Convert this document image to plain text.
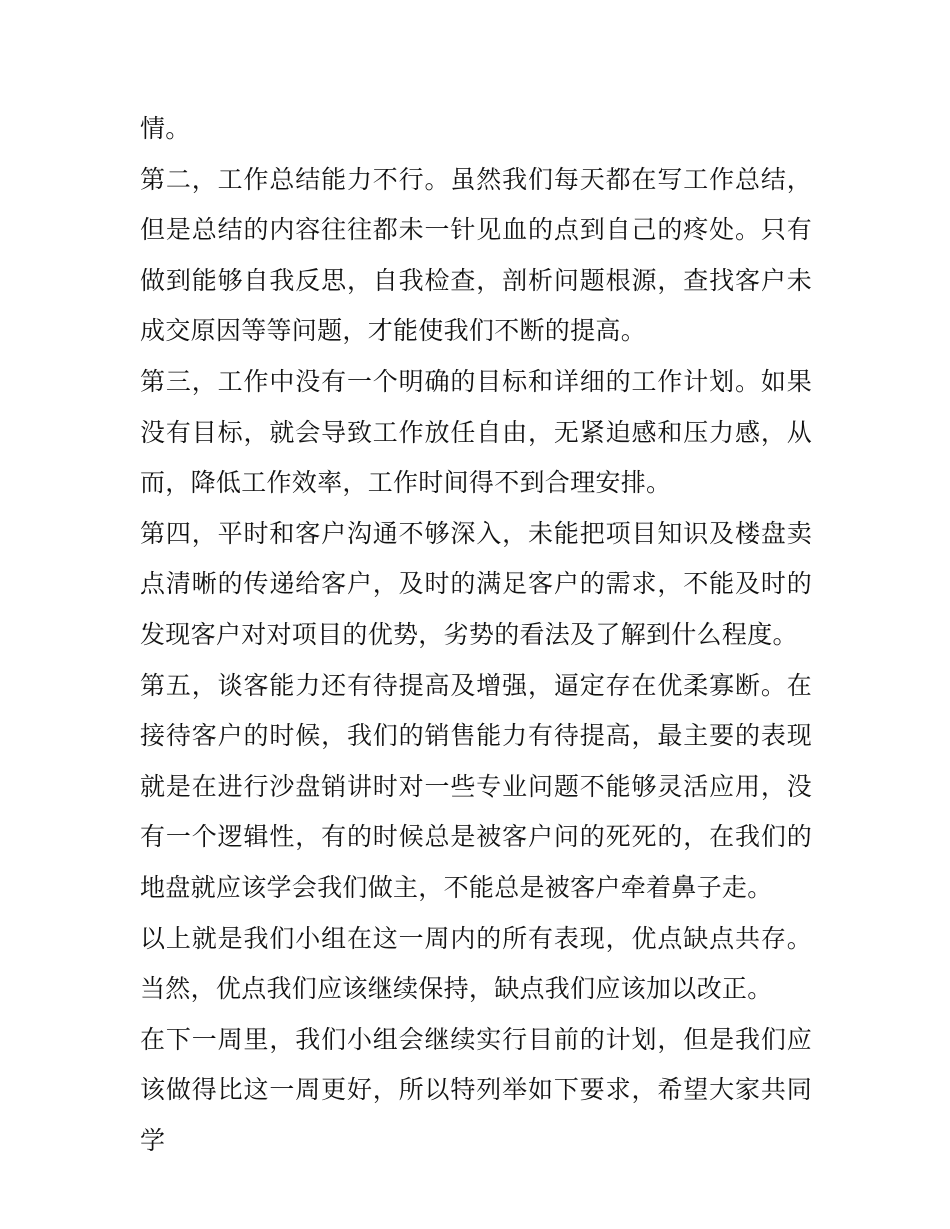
情。

第二，工作总结能力不行。虽然我们每天都在写工作总结，但是总结的内容往往都未一针见血的点到自己的疼处。只有做到能够自我反思，自我检查，剖析问题根源，查找客户未成交原因等等问题，才能使我们不断的提高。

第三，工作中没有一个明确的目标和详细的工作计划。如果没有目标，就会导致工作放任自由，无紧迫感和压力感，从而，降低工作效率，工作时间得不到合理安排。

第四，平时和客户沟通不够深入，未能把项目知识及楼盘卖点清晰的传递给客户，及时的满足客户的需求，不能及时的发现客户对对项目的优势，劣势的看法及了解到什么程度。

第五，谈客能力还有待提高及增强，逼定存在优柔寡断。在接待客户的时候，我们的销售能力有待提高，最主要的表现就是在进行沙盘销讲时对一些专业问题不能够灵活应用，没有一个逻辑性，有的时候总是被客户问的死死的，在我们的地盘就应该学会我们做主，不能总是被客户牵着鼻子走。

以上就是我们小组在这一周内的所有表现，优点缺点共存。当然，优点我们应该继续保持，缺点我们应该加以改正。

在下一周里，我们小组会继续实行目前的计划，但是我们应该做得比这一周更好，所以特列举如下要求，希望大家共同学
